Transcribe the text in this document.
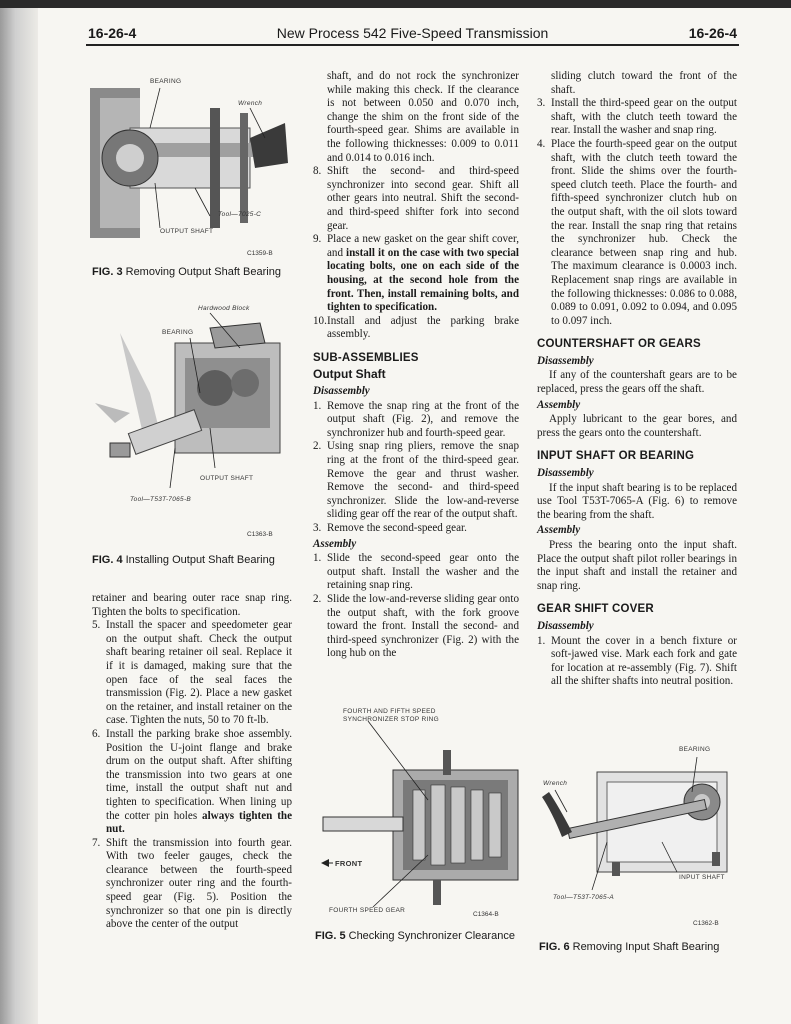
16-26-4	New Process 542 Five-Speed Transmission	16-26-4
BEARING
Wrench
Tool—7025-C
OUTPUT SHAFT
C1359-B
FIG. 3 Removing Output Shaft Bearing
Hardwood Block
BEARING
OUTPUT SHAFT
Tool—T53T-7065-B
C1363-B
FIG. 4 Installing Output Shaft Bearing

retainer and bearing outer race snap ring. Tighten the bolts to specification.

5. Install the spacer and speedometer gear on the output shaft. Check the output shaft bearing retainer oil seal. Replace it if it is damaged, making sure that the open face of the seal faces the transmission (Fig. 2). Place a new gasket on the retainer, and install retainer on the case. Tighten the nuts, 50 to 70 ft-lb.
6. Install the parking brake shoe assembly. Position the U-joint flange and brake drum on the output shaft. After shifting the transmission into two gears at one time, install the output shaft nut and tighten to specification. When lining up the cotter pin holes always tighten the nut.
7. Shift the transmission into fourth gear. With two feeler gauges, check the clearance between the fourth-speed synchronizer outer ring and the fourth-speed gear (Fig. 5). Position the synchronizer so that one pin is directly above the center of the output

shaft, and do not rock the synchronizer while making this check. If the clearance is not between 0.050 and 0.070 inch, change the shim on the front side of the fourth-speed gear. Shims are available in the following thicknesses: 0.009 to 0.011 and 0.014 to 0.016 inch.

8. Shift the second- and third-speed synchronizer into second gear. Shift all other gears into neutral. Shift the second- and third-speed shifter fork into second gear.
9. Place a new gasket on the gear shift cover, and install it on the case with two special locating bolts, one on each side of the housing, at the second hole from the front. Then, install remaining bolts, and tighten to specification.
10. Install and adjust the parking brake assembly.
SUB-ASSEMBLIES
Output Shaft
Disassembly
1. Remove the snap ring at the front of the output shaft (Fig. 2), and remove the synchronizer hub and fourth-speed gear.
2. Using snap ring pliers, remove the snap ring at the front of the third-speed gear. Remove the gear and thrust washer. Remove the second- and third-speed synchronizer. Slide the low-and-reverse sliding gear off the rear of the output shaft.
3. Remove the second-speed gear.
Assembly
1. Slide the second-speed gear onto the output shaft. Install the washer and the retaining snap ring.
2. Slide the low-and-reverse sliding gear onto the output shaft, with the fork groove toward the front. Install the second- and third-speed synchronizer (Fig. 2) with the long hub on the
FOURTH AND FIFTH SPEED SYNCHRONIZER STOP RING
FRONT
FOURTH SPEED GEAR
C1364-B
FIG. 5 Checking Synchronizer Clearance

sliding clutch toward the front of the shaft.

3. Install the third-speed gear on the output shaft, with the clutch teeth toward the rear. Install the washer and snap ring.
4. Place the fourth-speed gear on the output shaft, with the clutch teeth toward the front. Slide the shims over the fourth-speed clutch teeth. Place the fourth- and fifth-speed synchronizer clutch hub on the output shaft, with the oil slots toward the rear. Install the snap ring that retains the synchronizer hub. Check the clearance between snap ring and hub. The maximum clearance is 0.0003 inch. Replacement snap rings are available in the following thicknesses: 0.086 to 0.088, 0.089 to 0.091, 0.092 to 0.094, and 0.095 to 0.097 inch.
COUNTERSHAFT OR GEARS
Disassembly

If any of the countershaft gears are to be replaced, press the gears off the shaft.

Assembly

Apply lubricant to the gear bores, and press the gears onto the countershaft.

INPUT SHAFT OR BEARING
Disassembly

If the input shaft bearing is to be replaced use Tool T53T-7065-A (Fig. 6) to remove the bearing from the shaft.

Assembly

Press the bearing onto the input shaft. Place the output shaft pilot roller bearings in the input shaft and install the retainer and snap ring.

GEAR SHIFT COVER
Disassembly
1. Mount the cover in a bench fixture or soft-jawed vise. Mark each fork and gate for location at re-assembly (Fig. 7). Shift all the shifter shafts into neutral position.
BEARING
Wrench
INPUT SHAFT
Tool—T53T-7065-A
C1362-B
FIG. 6 Removing Input Shaft Bearing
